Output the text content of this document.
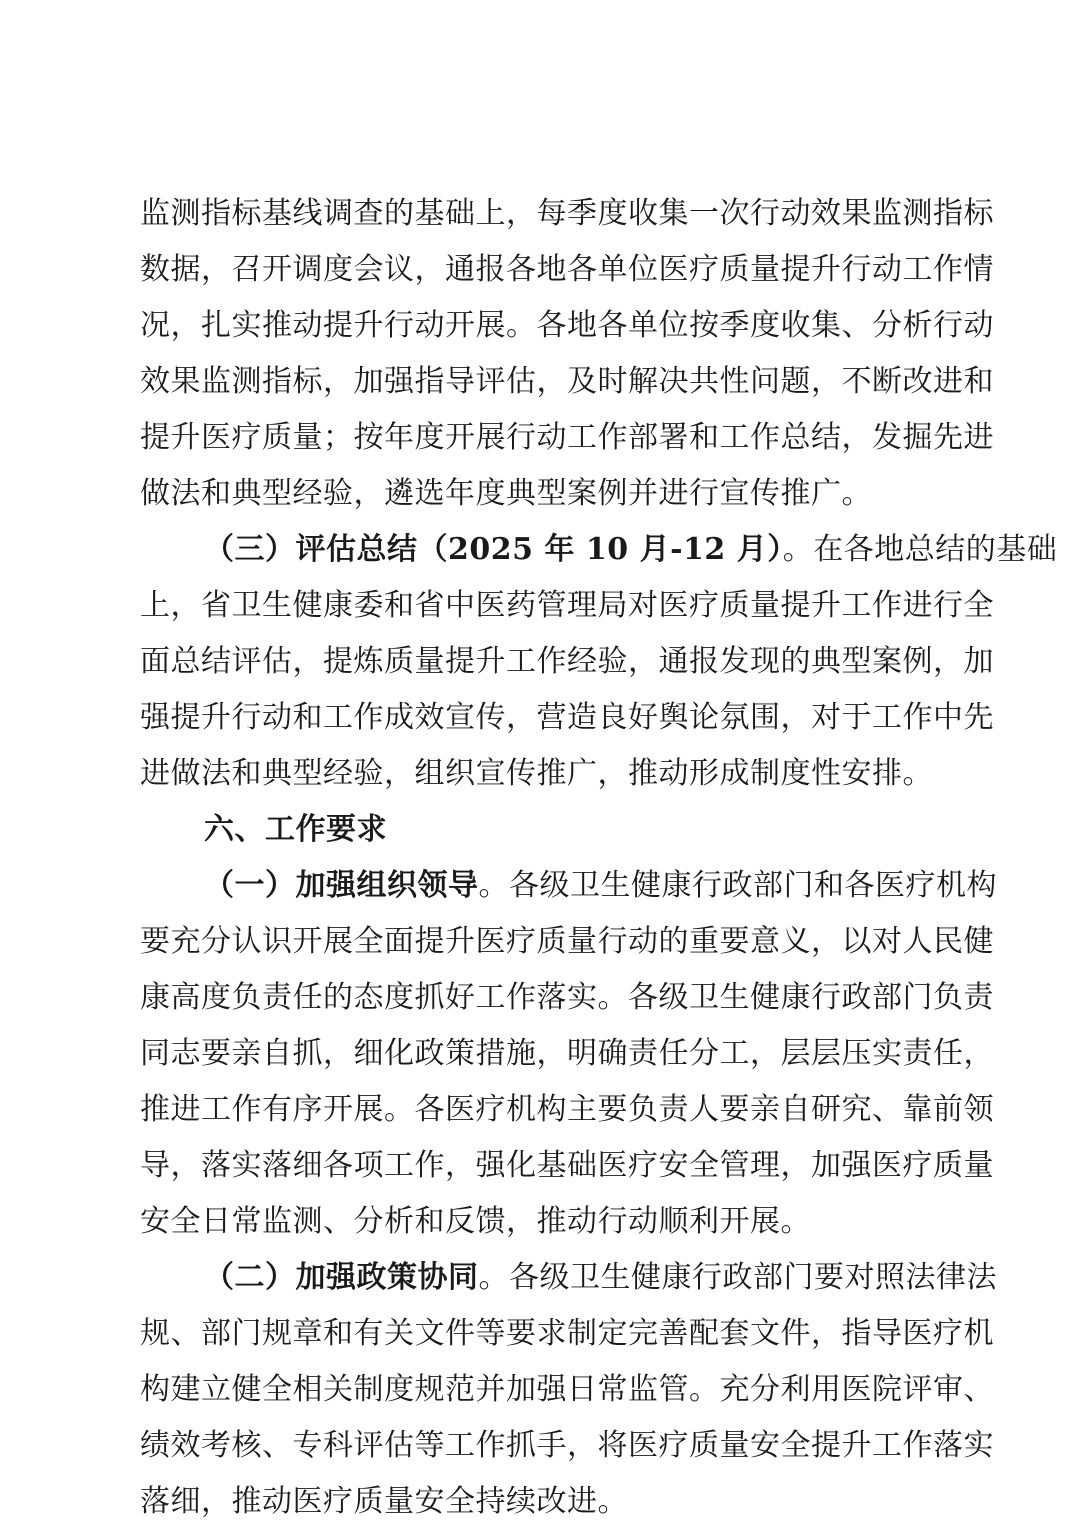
监测指标基线调查的基础上，每季度收集一次行动效果监测指标
数据，召开调度会议，通报各地各单位医疗质量提升行动工作情
况，扎实推动提升行动开展。各地各单位按季度收集、分析行动
效果监测指标，加强指导评估，及时解决共性问题，不断改进和
提升医疗质量；按年度开展行动工作部署和工作总结，发掘先进
做法和典型经验，遴选年度典型案例并进行宣传推广。
（三）评估总结（2025 年 10 月-12 月）。在各地总结的基础
上，省卫生健康委和省中医药管理局对医疗质量提升工作进行全
面总结评估，提炼质量提升工作经验，通报发现的典型案例，加
强提升行动和工作成效宣传，营造良好舆论氛围，对于工作中先
进做法和典型经验，组织宣传推广，推动形成制度性安排。
六、工作要求
（一）加强组织领导。各级卫生健康行政部门和各医疗机构
要充分认识开展全面提升医疗质量行动的重要意义，以对人民健
康高度负责任的态度抓好工作落实。各级卫生健康行政部门负责
同志要亲自抓，细化政策措施，明确责任分工，层层压实责任，
推进工作有序开展。各医疗机构主要负责人要亲自研究、靠前领
导，落实落细各项工作，强化基础医疗安全管理，加强医疗质量
安全日常监测、分析和反馈，推动行动顺利开展。
（二）加强政策协同。各级卫生健康行政部门要对照法律法
规、部门规章和有关文件等要求制定完善配套文件，指导医疗机
构建立健全相关制度规范并加强日常监管。充分利用医院评审、
绩效考核、专科评估等工作抓手，将医疗质量安全提升工作落实
落细，推动医疗质量安全持续改进。
